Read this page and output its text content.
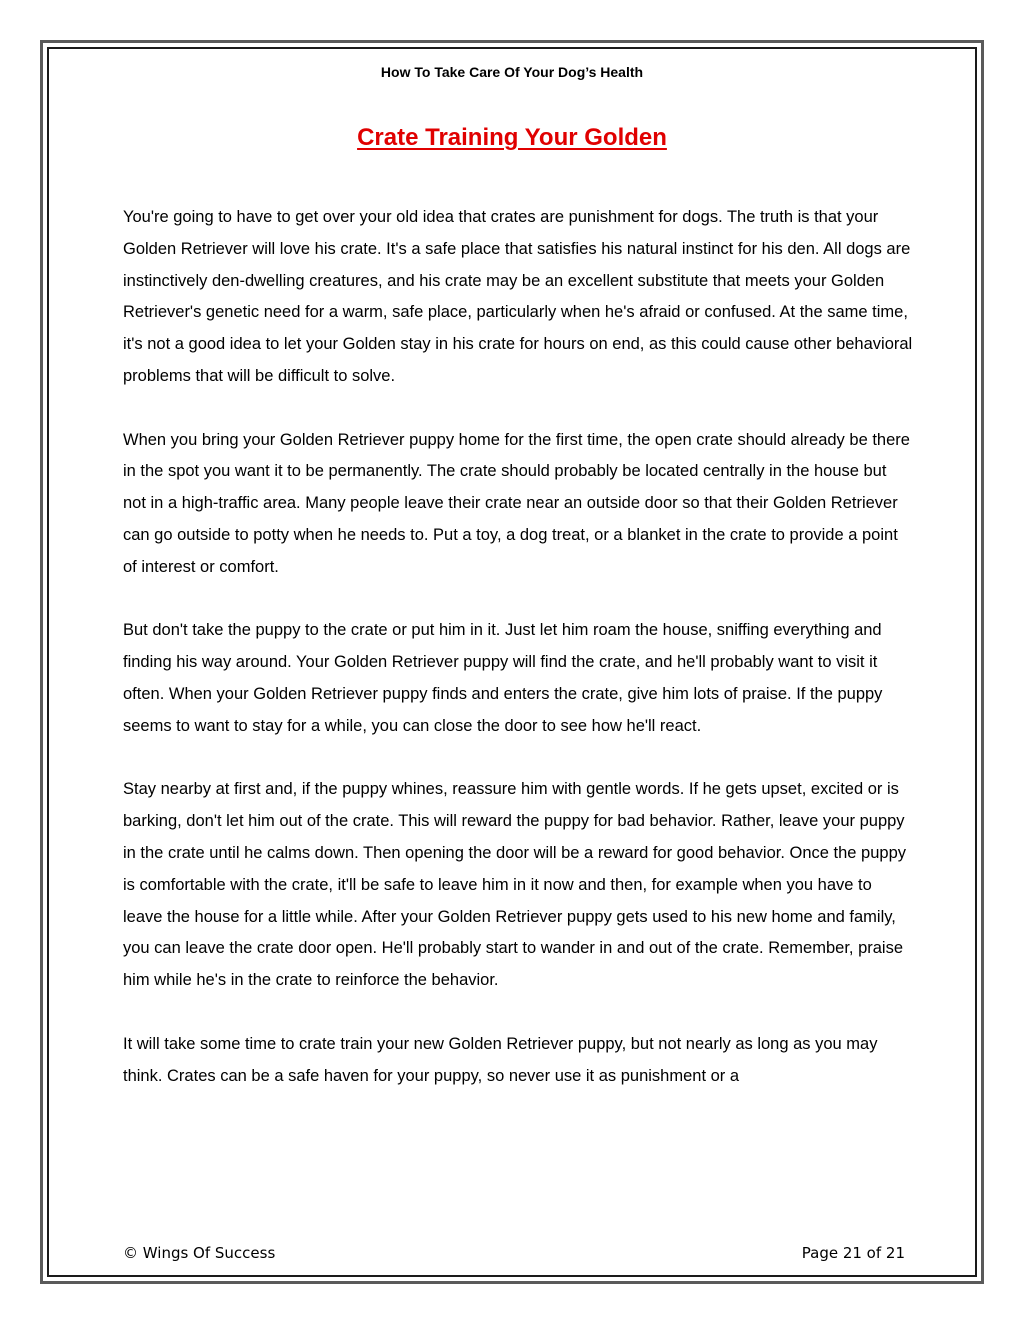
How To Take Care Of Your Dog’s Health
Crate Training Your Golden

You're going to have to get over your old idea that crates are punishment for dogs. The truth is that your Golden Retriever will love his crate. It's a safe place that satisfies his natural instinct for his den. All dogs are instinctively den-dwelling creatures, and his crate may be an excellent substitute that meets your Golden Retriever's genetic need for a warm, safe place, particularly when he's afraid or confused. At the same time, it's not a good idea to let your Golden stay in his crate for hours on end, as this could cause other behavioral problems that will be difficult to solve.

When you bring your Golden Retriever puppy home for the first time, the open crate should already be there in the spot you want it to be permanently. The crate should probably be located centrally in the house but not in a high-traffic area. Many people leave their crate near an outside door so that their Golden Retriever can go outside to potty when he needs to. Put a toy, a dog treat, or a blanket in the crate to provide a point of interest or comfort.

But don't take the puppy to the crate or put him in it. Just let him roam the house, sniffing everything and finding his way around. Your Golden Retriever puppy will find the crate, and he'll probably want to visit it often. When your Golden Retriever puppy finds and enters the crate, give him lots of praise. If the puppy seems to want to stay for a while, you can close the door to see how he'll react.

Stay nearby at first and, if the puppy whines, reassure him with gentle words. If he gets upset, excited or is barking, don't let him out of the crate. This will reward the puppy for bad behavior. Rather, leave your puppy in the crate until he calms down. Then opening the door will be a reward for good behavior. Once the puppy is comfortable with the crate, it'll be safe to leave him in it now and then, for example when you have to leave the house for a little while. After your Golden Retriever puppy gets used to his new home and family, you can leave the crate door open. He'll probably start to wander in and out of the crate. Remember, praise him while he's in the crate to reinforce the behavior.

It will take some time to crate train your new Golden Retriever puppy, but not nearly as long as you may think. Crates can be a safe haven for your puppy, so never use it as punishment or a

© Wings Of Success	Page 21 of 21
